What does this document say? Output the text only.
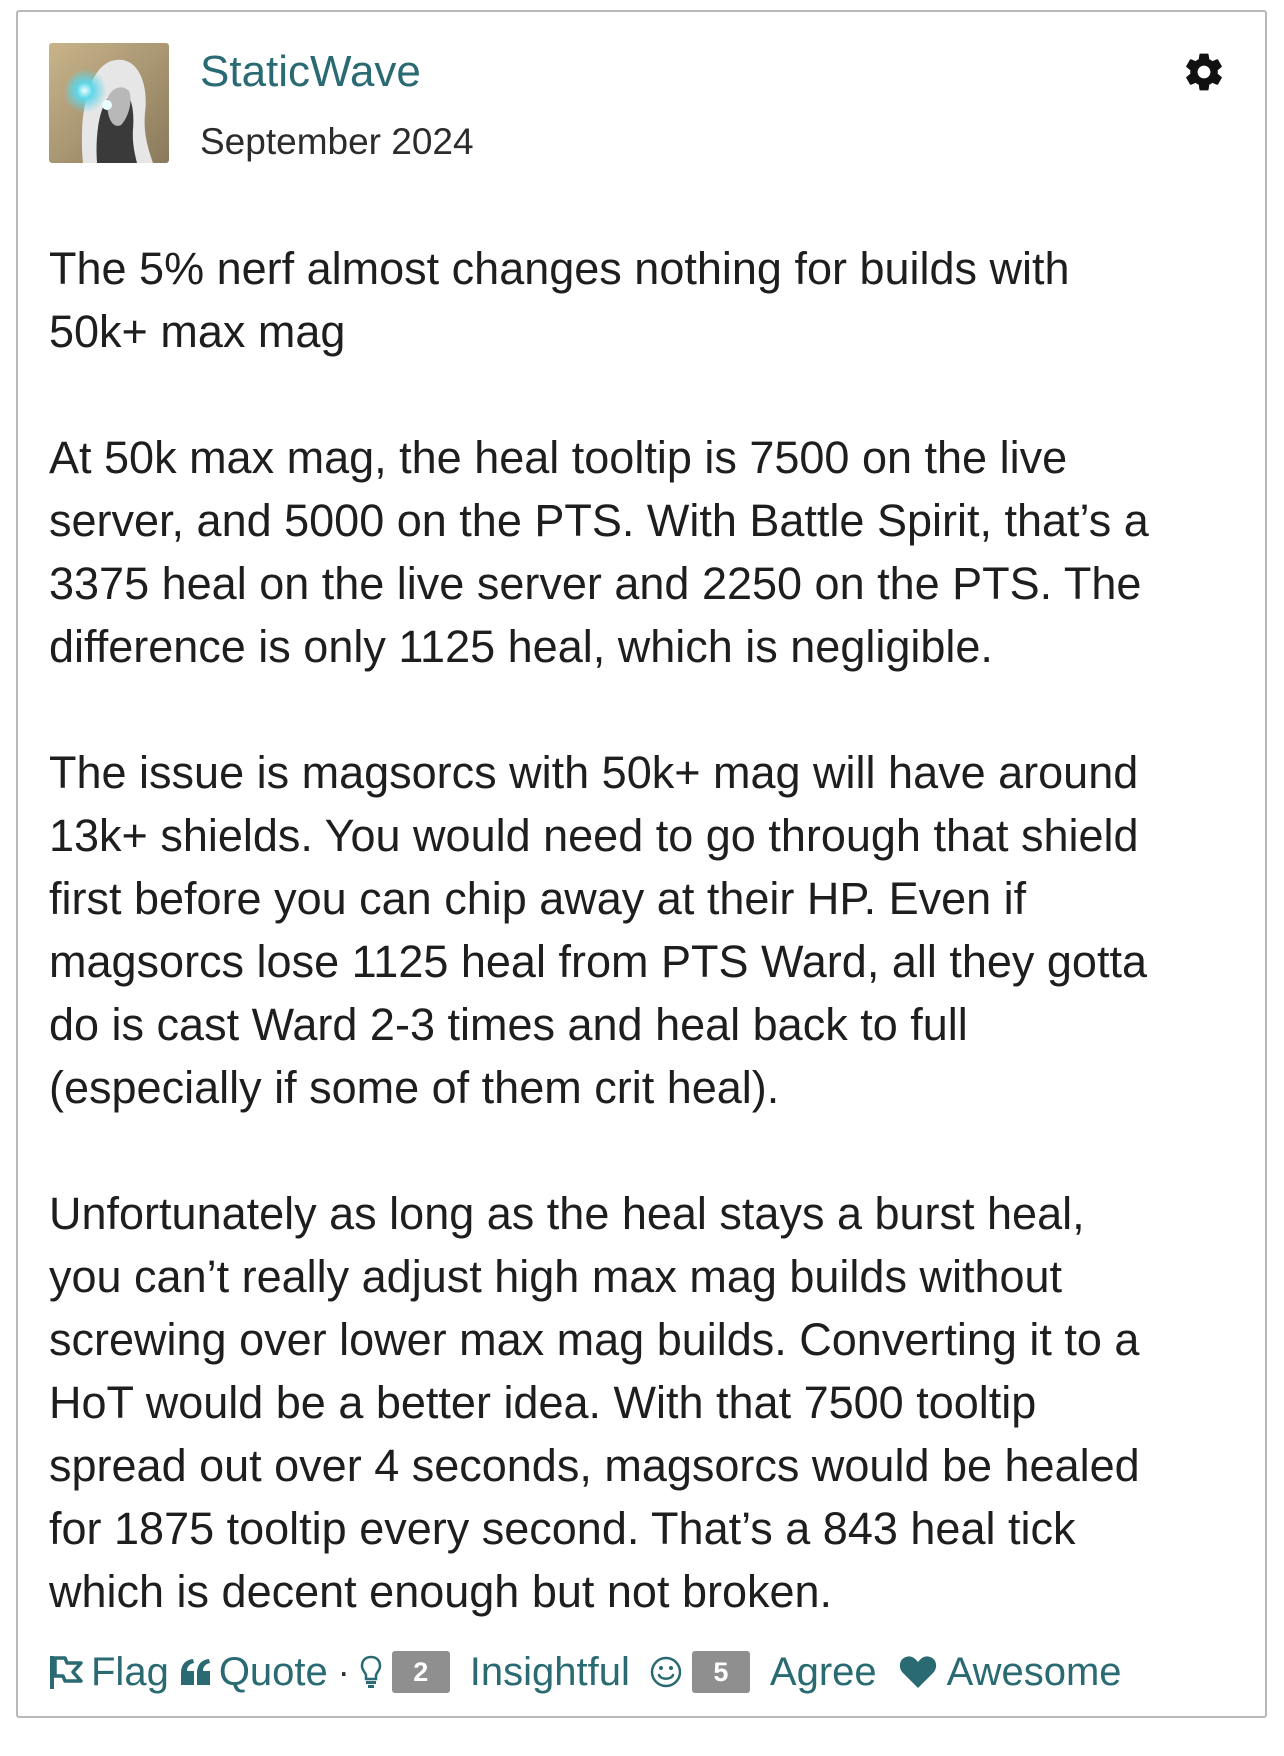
StaticWave
September 2024

The 5% nerf almost changes nothing for builds with
50k+ max mag

At 50k max mag, the heal tooltip is 7500 on the live
server, and 5000 on the PTS. With Battle Spirit, that’s a
3375 heal on the live server and 2250 on the PTS. The
difference is only 1125 heal, which is negligible.

The issue is magsorcs with 50k+ mag will have around
13k+ shields. You would need to go through that shield
first before you can chip away at their HP. Even if
magsorcs lose 1125 heal from PTS Ward, all they gotta
do is cast Ward 2-3 times and heal back to full
(especially if some of them crit heal).

Unfortunately as long as the heal stays a burst heal,
you can’t really adjust high max mag builds without
screwing over lower max mag builds. Converting it to a
HoT would be a better idea. With that 7500 tooltip
spread out over 4 seconds, magsorcs would be healed
for 1875 tooltip every second. That’s a 843 heal tick
which is decent enough but not broken.

Flag Quote ·	2	Insightful	5	Agree Awesome
